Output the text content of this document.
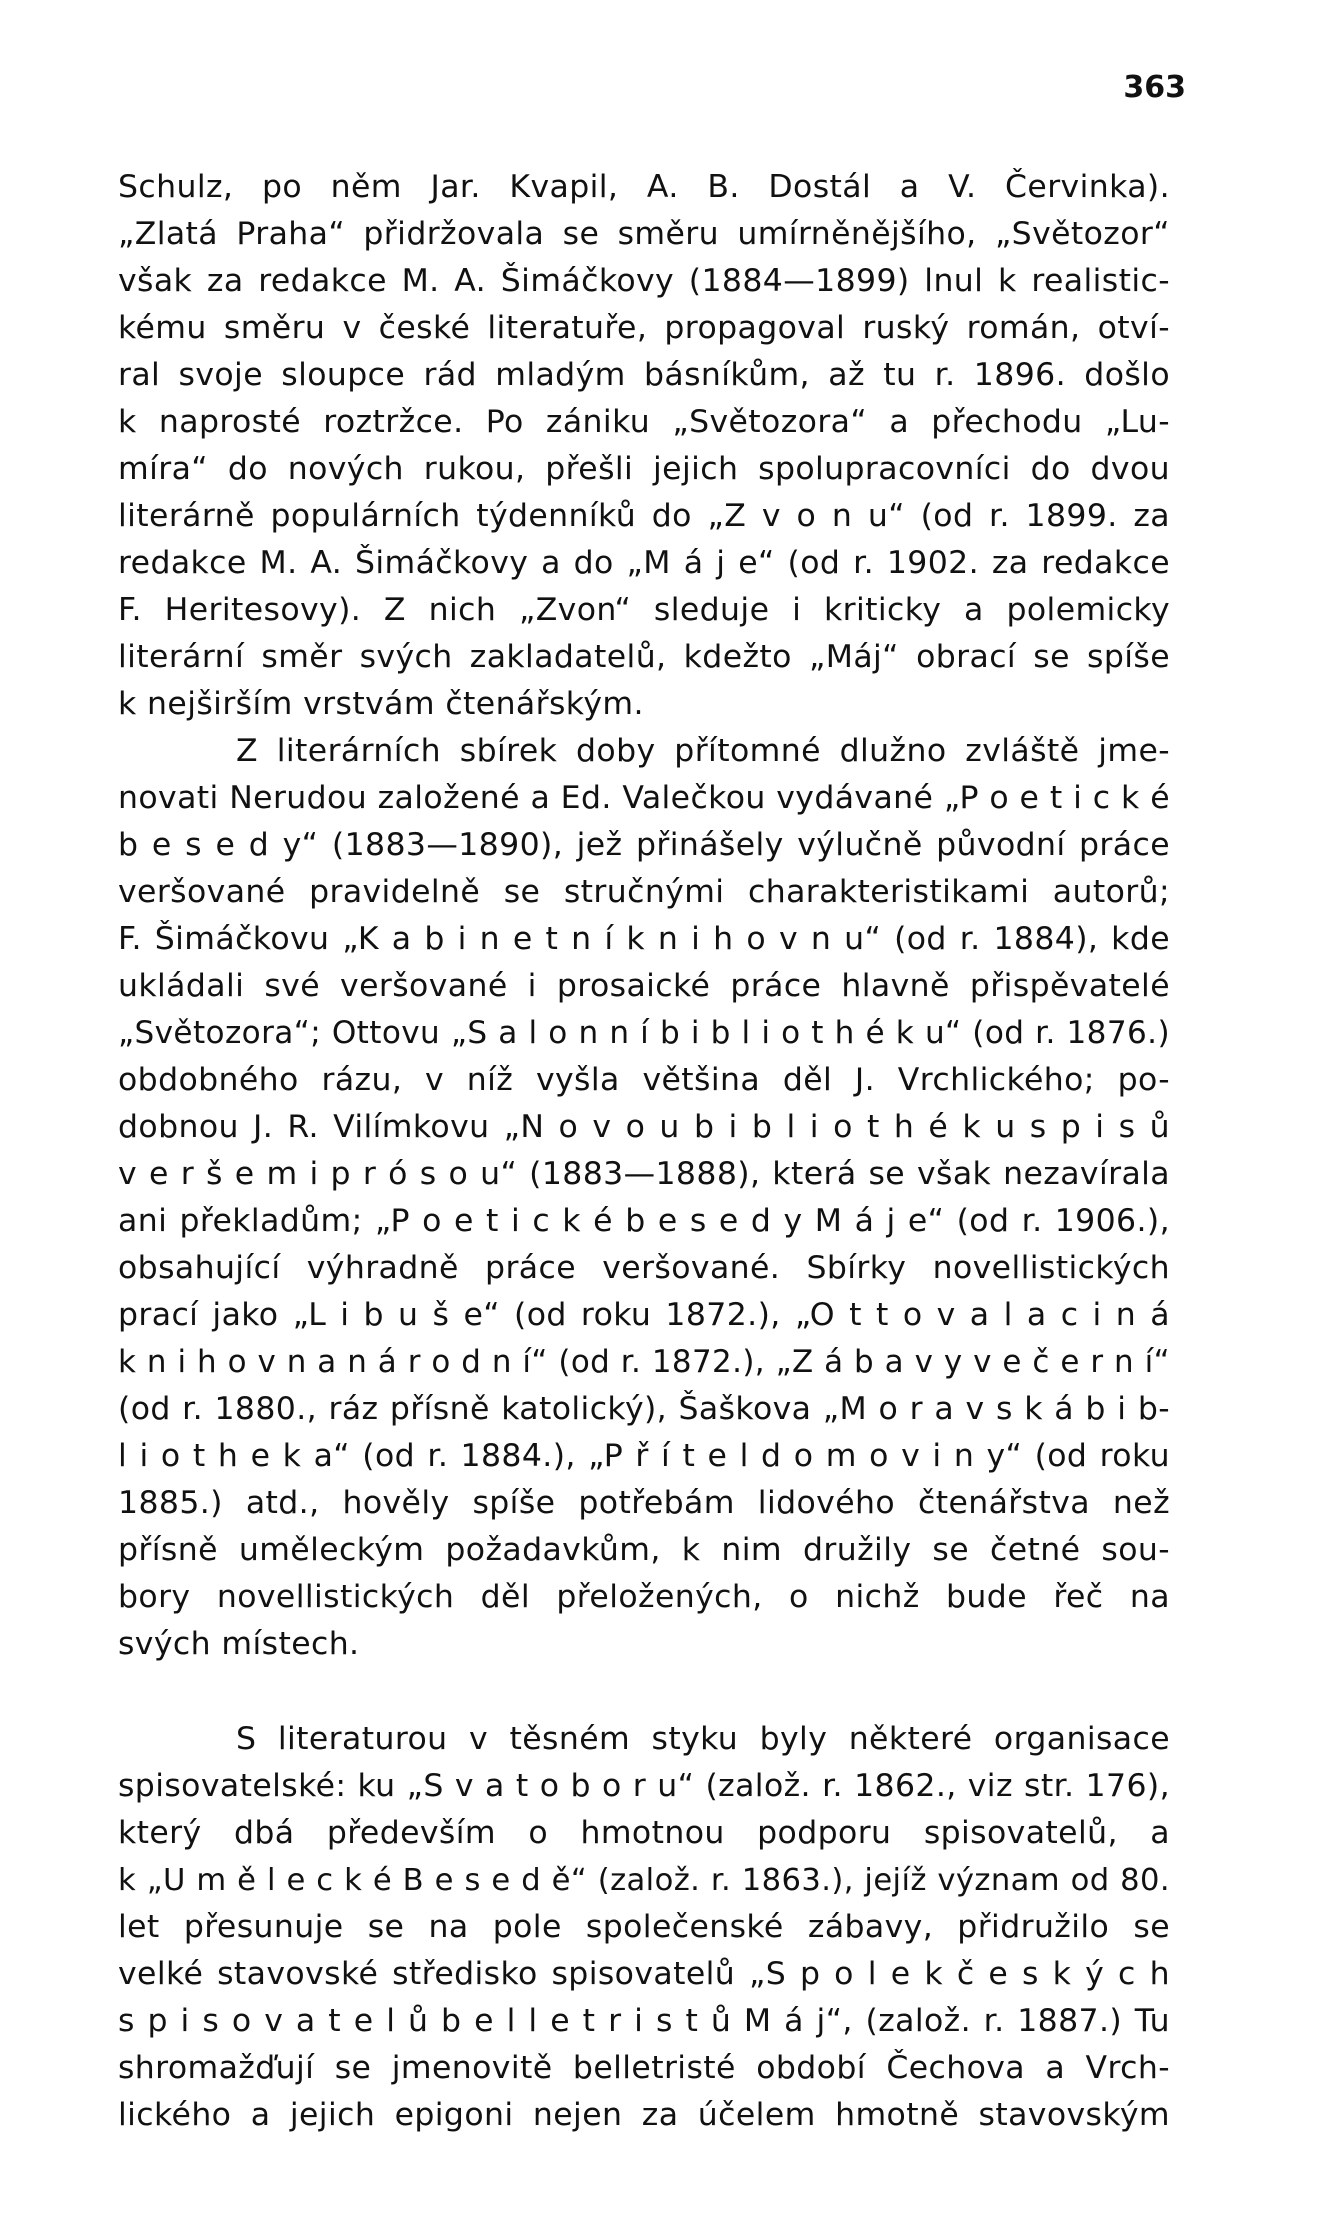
363
Schulz, po něm Jar. Kvapil, A. B. Dostál a V. Červinka).
„Zlatá Praha“ přidržovala se směru umírněnějšího, „Světozor“
však za redakce M. A. Šimáčkovy (1884—1899) lnul k realistic-
kému směru v české literatuře, propagoval ruský román, otví-
ral svoje sloupce rád mladým básníkům, až tu r. 1896. došlo
k naprosté roztržce. Po zániku „Světozora“ a přechodu „Lu-
míra“ do nových rukou, přešli jejich spolupracovníci do dvou
literárně populárních týdenníků do „Z v o n u“ (od r. 1899. za
redakce M. A. Šimáčkovy a do „M á j e“ (od r. 1902. za redakce
F. Heritesovy). Z nich „Zvon“ sleduje i kriticky a polemicky
literární směr svých zakladatelů, kdežto „Máj“ obrací se spíše
k nejširším vrstvám čtenářským.
Z literárních sbírek doby přítomné dlužno zvláště jme-
novati Nerudou založené a Ed. Valečkou vydávané „P o e t i c k é
b e s e d y“ (1883—1890), jež přinášely výlučně původní práce
veršované pravidelně se stručnými charakteristikami autorů;
F. Šimáčkovu „K a b i n e t n í k n i h o v n u“ (od r. 1884), kde
ukládali své veršované i prosaické práce hlavně přispěvatelé
„Světozora“; Ottovu „S a l o n n í b i b l i o t h é k u“ (od r. 1876.)
obdobného rázu, v níž vyšla většina děl J. Vrchlického; po-
dobnou J. R. Vilímkovu „N o v o u b i b l i o t h é k u s p i s ů
v e r š e m i p r ó s o u“ (1883—1888), která se však nezavírala
ani překladům; „P o e t i c k é b e s e d y M á j e“ (od r. 1906.),
obsahující výhradně práce veršované. Sbírky novellistických
prací jako „L i b u š e“ (od roku 1872.), „O t t o v a l a c i n á
k n i h o v n a n á r o d n í“ (od r. 1872.), „Z á b a v y v e č e r n í“
(od r. 1880., ráz přísně katolický), Šaškova „M o r a v s k á b i b-
l i o t h e k a“ (od r. 1884.), „P ř í t e l d o m o v i n y“ (od roku
1885.) atd., hověly spíše potřebám lidového čtenářstva než
přísně uměleckým požadavkům, k nim družily se četné sou-
bory novellistických děl přeložených, o nichž bude řeč na
svých místech.
S literaturou v těsném styku byly některé organisace
spisovatelské: ku „S v a t o b o r u“ (založ. r. 1862., viz str. 176),
který dbá především o hmotnou podporu spisovatelů, a
k „U m ě l e c k é B e s e d ě“ (založ. r. 1863.), jejíž význam od 80.
let přesunuje se na pole společenské zábavy, přidružilo se
velké stavovské středisko spisovatelů „S p o l e k č e s k ý c h
s p i s o v a t e l ů b e l l e t r i s t ů M á j“, (založ. r. 1887.) Tu
shromažďují se jmenovitě belletristé období Čechova a Vrch-
lického a jejich epigoni nejen za účelem hmotně stavovským
